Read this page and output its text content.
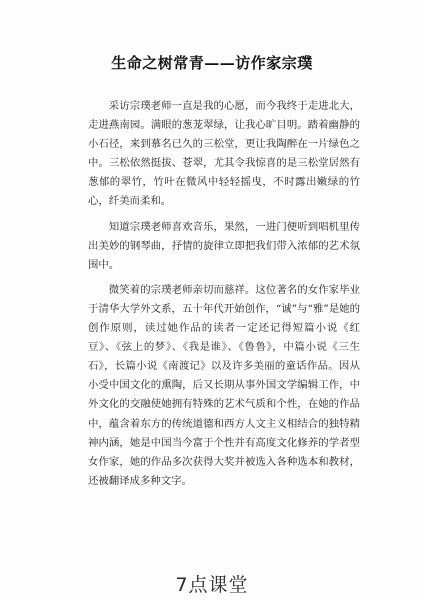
生命之树常青——访作家宗璞

采访宗璞老师一直是我的心愿，而今我终于走进北大，走进燕南园。满眼的葱茏翠绿，让我心旷目明。踏着幽静的小石径，来到慕名已久的三松堂，更让我陶醉在一片绿色之中。三松依然挺拔、苍翠，尤其令我惊喜的是三松堂居然有葱郁的翠竹，竹叶在微风中轻轻摇曳，不时露出嫩绿的竹心，纤美而柔和。

知道宗璞老师喜欢音乐，果然，一进门便听到唱机里传出美妙的钢琴曲，抒情的旋律立即把我们带入浓郁的艺术氛围中。

微笑着的宗璞老师亲切而慈祥。这位著名的女作家毕业于清华大学外文系，五十年代开始创作，“诚”与“雅”是她的创作原则，读过她作品的读者一定还记得短篇小说《红豆》、《弦上的梦》、《我是谁》、《鲁鲁》，中篇小说《三生石》，长篇小说《南渡记》以及许多美丽的童话作品。因从小受中国文化的熏陶，后又长期从事外国文学编辑工作，中外文化的交融使她拥有特殊的艺术气质和个性，在她的作品中，蕴含着东方的传统道德和西方人文主义相结合的独特精神内涵，她是中国当今富于个性并有高度文化修养的学者型女作家，她的作品多次获得大奖并被选入各种选本和教材，还被翻译成多种文字。

7点课堂
